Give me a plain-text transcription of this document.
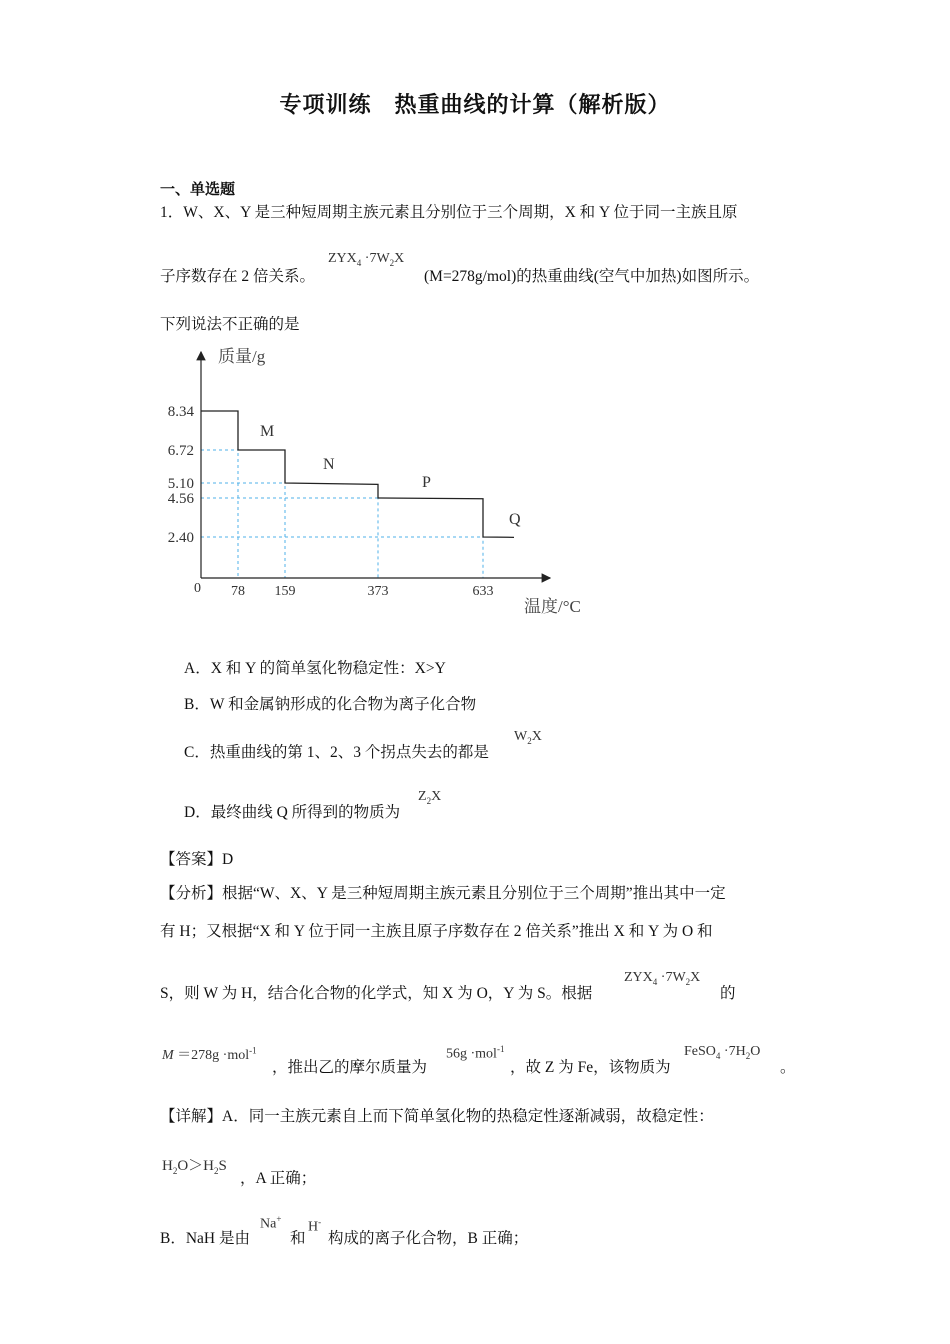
专项训练　热重曲线的计算（解析版）
一、单选题
1．W、X、Y 是三种短周期主族元素且分别位于三个周期，X 和 Y 位于同一主族且原
子序数存在 2 倍关系。
$ZYX_4 \cdot 7W_2X$
(M=278g/mol)的热重曲线(空气中加热)如图所示。
下列说法不正确的是
质量/g
温度/°C
0 78 159	373	633
8.34
6.72
5.10
4.56
2.40
M
N
P
Q
A．X 和 Y 的简单氢化物稳定性：X>Y
B．W 和金属钠形成的化合物为离子化合物
C．热重曲线的第 1、2、3 个拐点失去的都是
$W_2X$
D．最终曲线 Q 所得到的物质为
$Z_2X$
【答案】D
【分析】根据“W、X、Y 是三种短周期主族元素且分别位于三个周期”推出其中一定
有 H；又根据“X 和 Y 位于同一主族且原子序数存在 2 倍关系”推出 X 和 Y 为 O 和
S，则 W 为 H，结合化合物的化学式，知 X 为 O，Y 为 S。根据
$ZYX_4 \cdot 7W_2X$
的
M ＝278g ·mol$^{-1}$
，推出乙的摩尔质量为
56g ·mol$^{-1}$
，故 Z 为 Fe，该物质为
FeSO$_4$ $\cdot 7H_2O$
。
【详解】A．同一主族元素自上而下简单氢化物的热稳定性逐渐减弱，故稳定性：
$H_2O>H_2S$
，A 正确；
B．NaH 是由
Na+
和
H-
构成的离子化合物，B 正确；
